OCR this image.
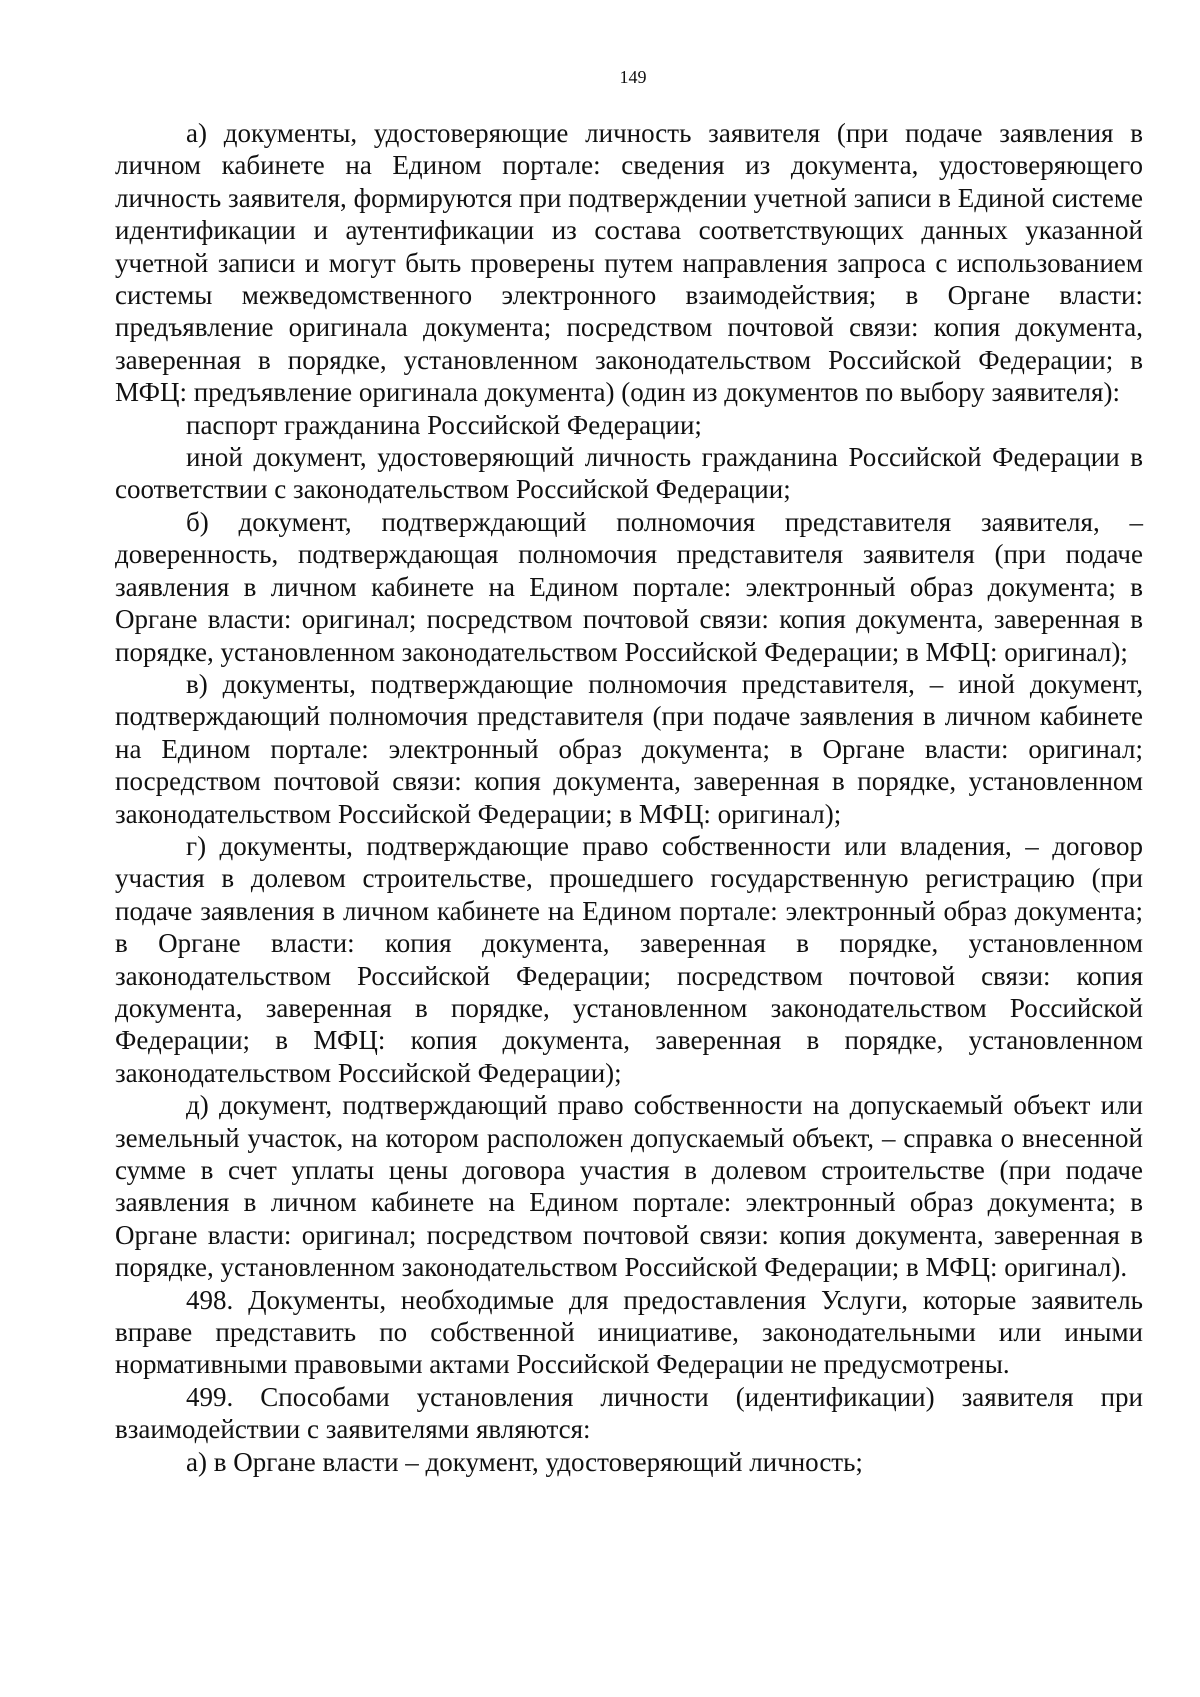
149

а) документы, удостоверяющие личность заявителя (при подаче заявления в личном кабинете на Едином портале: сведения из документа, удостоверяющего личность заявителя, формируются при подтверждении учетной записи в Единой системе идентификации и аутентификации из состава соответствующих данных указанной учетной записи и могут быть проверены путем направления запроса с использованием системы межведомственного электронного взаимодействия; в Органе власти: предъявление оригинала документа; посредством почтовой связи: копия документа, заверенная в порядке, установленном законодательством Российской Федерации; в МФЦ: предъявление оригинала документа) (один из документов по выбору заявителя):

паспорт гражданина Российской Федерации;

иной документ, удостоверяющий личность гражданина Российской Федерации в соответствии с законодательством Российской Федерации;

б) документ, подтверждающий полномочия представителя заявителя, – доверенность, подтверждающая полномочия представителя заявителя (при подаче заявления в личном кабинете на Едином портале: электронный образ документа; в Органе власти: оригинал; посредством почтовой связи: копия документа, заверенная в порядке, установленном законодательством Российской Федерации; в МФЦ: оригинал);

в) документы, подтверждающие полномочия представителя, – иной документ, подтверждающий полномочия представителя (при подаче заявления в личном кабинете на Едином портале: электронный образ документа; в Органе власти: оригинал; посредством почтовой связи: копия документа, заверенная в порядке, установленном законодательством Российской Федерации; в МФЦ: оригинал);

г) документы, подтверждающие право собственности или владения, – договор участия в долевом строительстве, прошедшего государственную регистрацию (при подаче заявления в личном кабинете на Едином портале: электронный образ документа; в Органе власти: копия документа, заверенная в порядке, установленном законодательством Российской Федерации; посредством почтовой связи: копия документа, заверенная в порядке, установленном законодательством Российской Федерации; в МФЦ: копия документа, заверенная в порядке, установленном законодательством Российской Федерации);

д) документ, подтверждающий право собственности на допускаемый объект или земельный участок, на котором расположен допускаемый объект, – справка о внесенной сумме в счет уплаты цены договора участия в долевом строительстве (при подаче заявления в личном кабинете на Едином портале: электронный образ документа; в Органе власти: оригинал; посредством почтовой связи: копия документа, заверенная в порядке, установленном законодательством Российской Федерации; в МФЦ: оригинал).

498. Документы, необходимые для предоставления Услуги, которые заявитель вправе представить по собственной инициативе, законодательными или иными нормативными правовыми актами Российской Федерации не предусмотрены.

499. Способами установления личности (идентификации) заявителя при взаимодействии с заявителями являются:

а) в Органе власти – документ, удостоверяющий личность;
